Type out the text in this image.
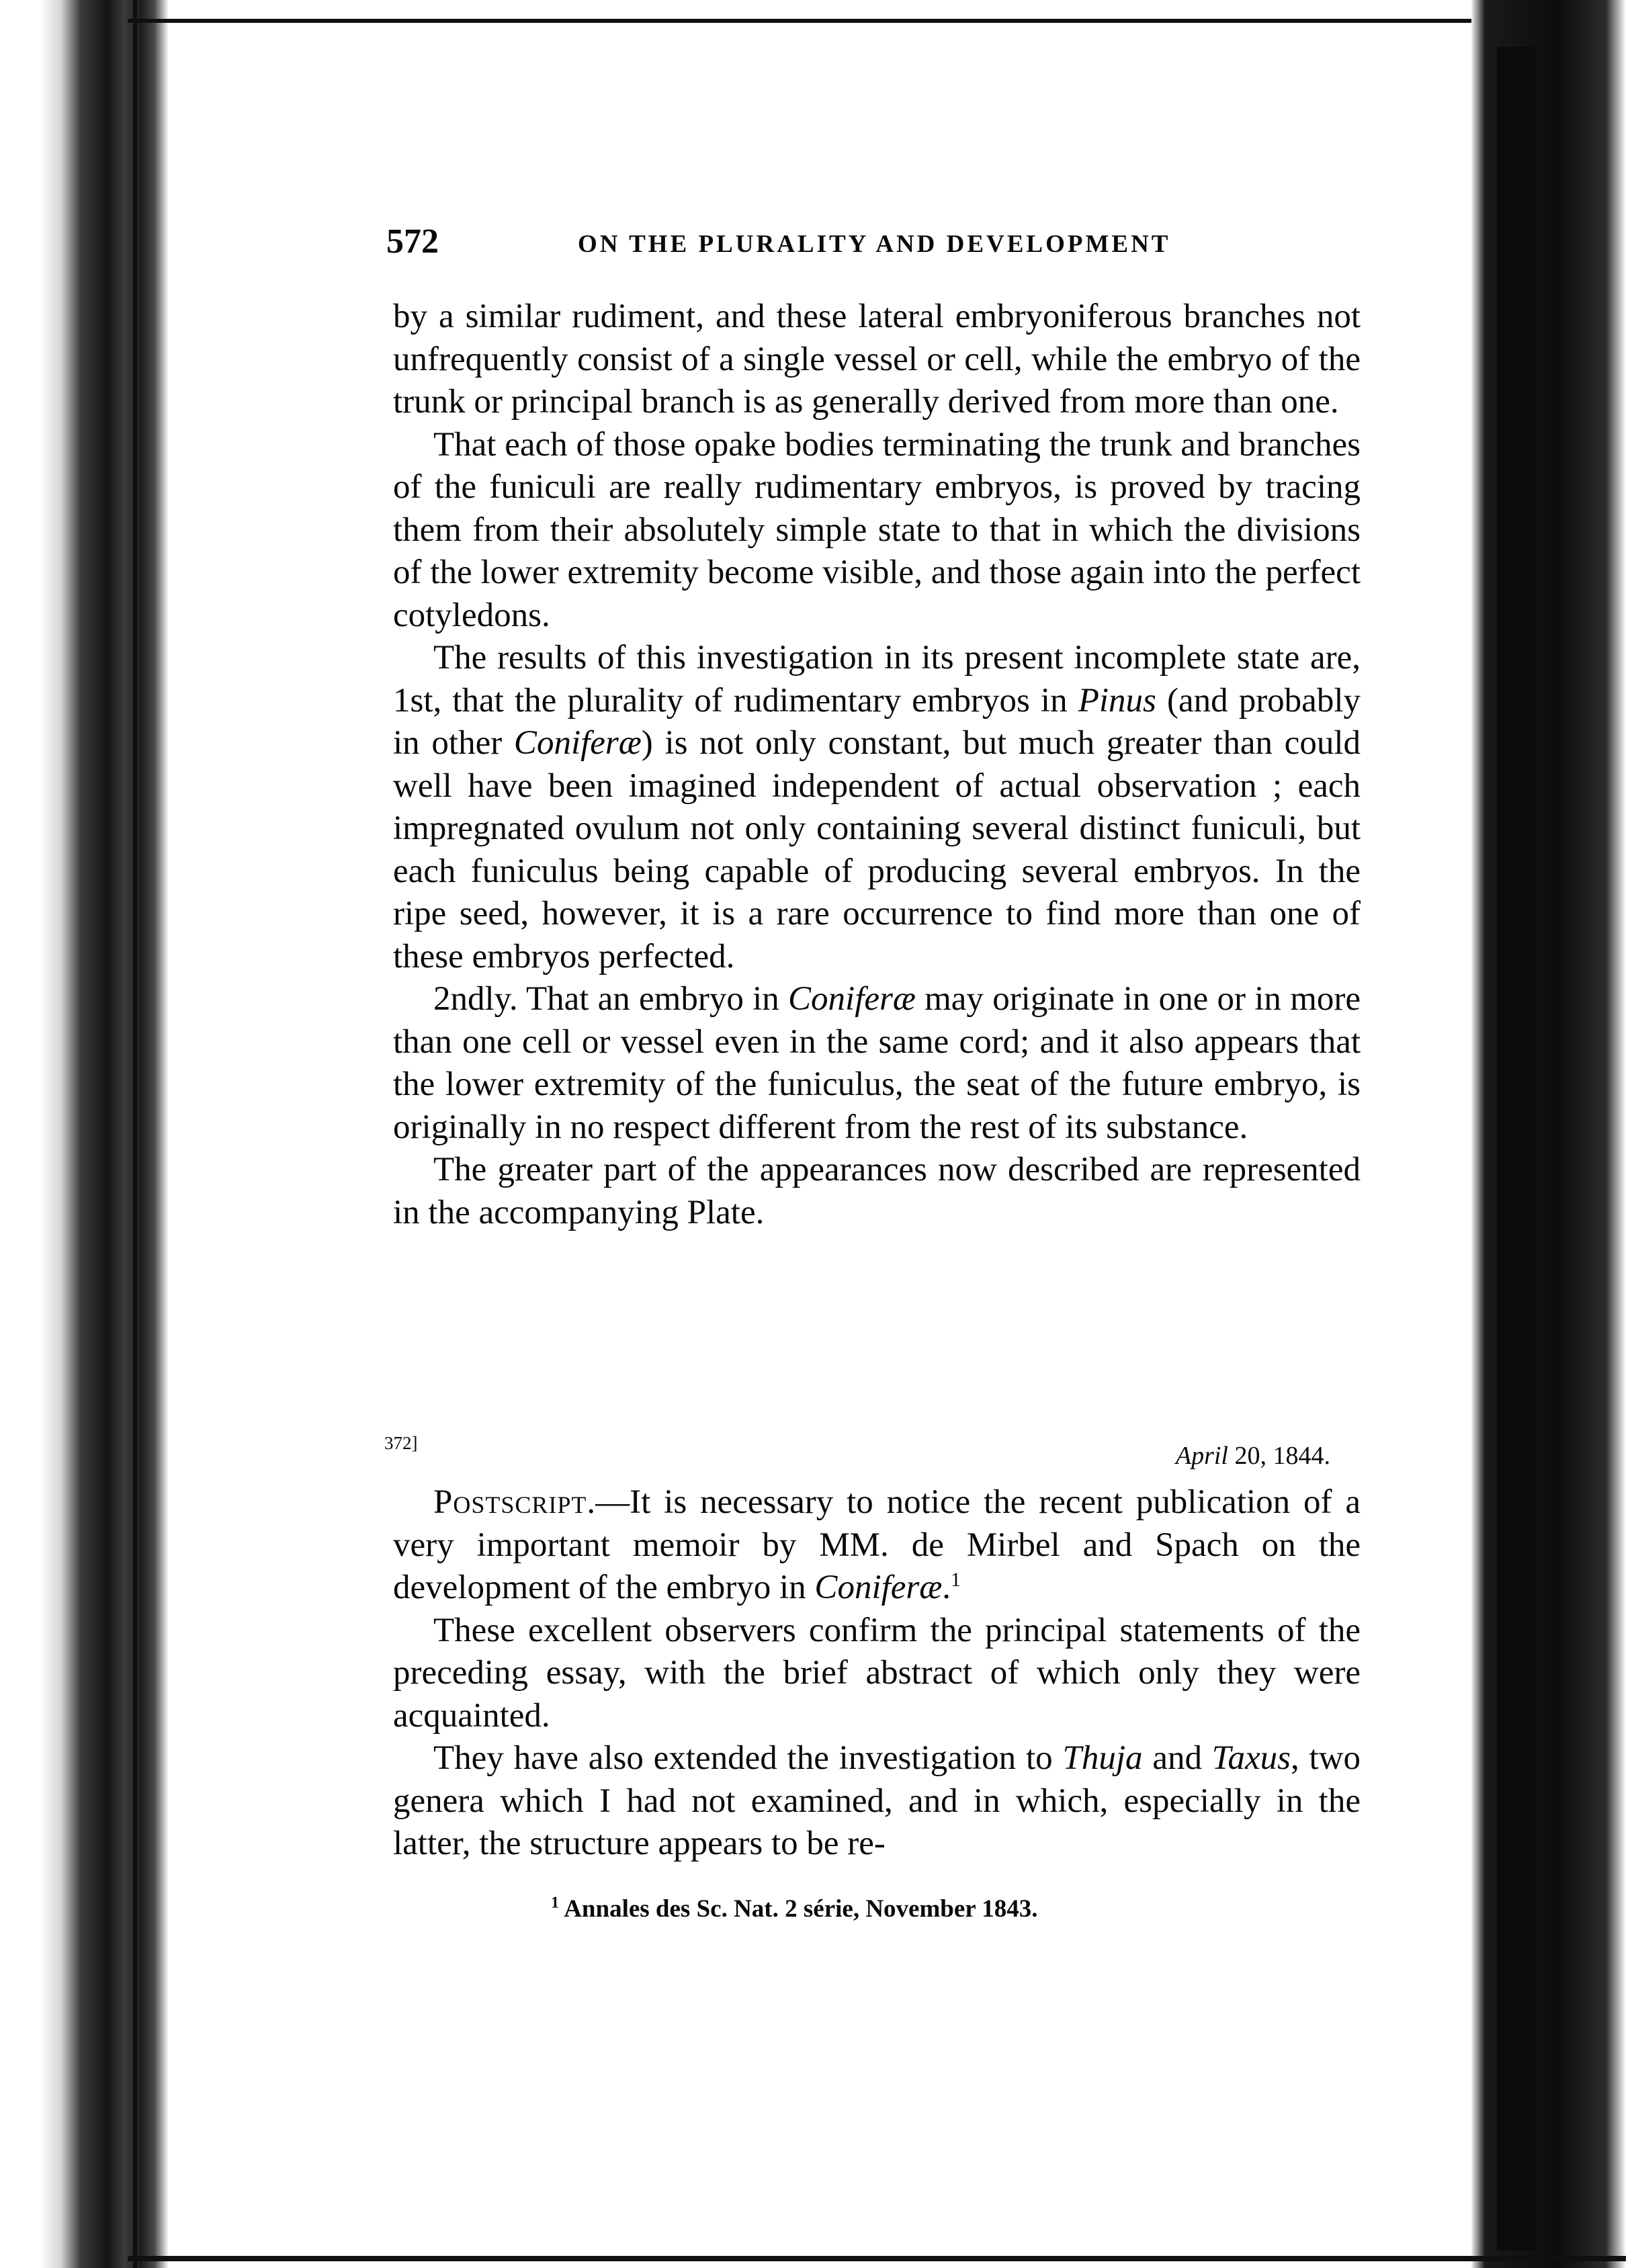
572	ON THE PLURALITY AND DEVELOPMENT

by a similar rudiment, and these lateral embryoniferous branches not unfrequently consist of a single vessel or cell, while the embryo of the trunk or principal branch is as generally derived from more than one.

That each of those opake bodies terminating the trunk and branches of the funiculi are really rudimentary embryos, is proved by tracing them from their absolutely simple state to that in which the divisions of the lower extremity become visible, and those again into the perfect cotyledons.

The results of this investigation in its present incomplete state are, 1st, that the plurality of rudimentary embryos in Pinus (and probably in other Coniferæ) is not only constant, but much greater than could well have been imagined independent of actual observation ; each impregnated ovulum not only containing several distinct funiculi, but each funiculus being capable of producing several embryos. In the ripe seed, however, it is a rare occurrence to find more than one of these embryos perfected.

2ndly. That an embryo in Coniferæ may originate in one or in more than one cell or vessel even in the same cord; and it also appears that the lower extremity of the funiculus, the seat of the future embryo, is originally in no respect different from the rest of its substance.

The greater part of the appearances now described are represented in the accompanying Plate.

372]	April 20, 1844.

Postscript.—It is necessary to notice the recent publication of a very important memoir by MM. de Mirbel and Spach on the development of the embryo in Coniferæ.$^1$

These excellent observers confirm the principal statements of the preceding essay, with the brief abstract of which only they were acquainted.

They have also extended the investigation to Thuja and Taxus, two genera which I had not examined, and in which, especially in the latter, the structure appears to be re-

$^1$ Annales des Sc. Nat. 2 série, November 1843.
